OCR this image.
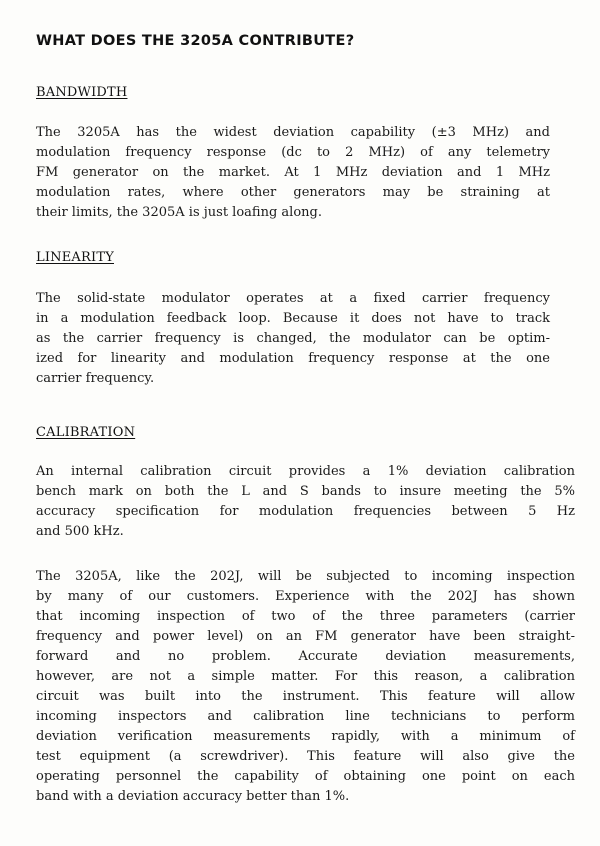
WHAT DOES THE 3205A CONTRIBUTE?
BANDWIDTH
The 3205A has the widest deviation capability (±3 MHz) and
modulation frequency response (dc to 2 MHz) of any telemetry
FM generator on the market. At 1 MHz deviation and 1 MHz
modulation rates, where other generators may be straining at
their limits, the 3205A is just loafing along.
LINEARITY
The solid-state modulator operates at a fixed carrier frequency
in a modulation feedback loop. Because it does not have to track
as the carrier frequency is changed, the modulator can be optim-
ized for linearity and modulation frequency response at the one
carrier frequency.
CALIBRATION
An internal calibration circuit provides a 1% deviation calibration
bench mark on both the L and S bands to insure meeting the 5%
accuracy specification for modulation frequencies between 5 Hz
and 500 kHz.
The 3205A, like the 202J, will be subjected to incoming inspection
by many of our customers. Experience with the 202J has shown
that incoming inspection of two of the three parameters (carrier
frequency and power level) on an FM generator have been straight-
forward and no problem. Accurate deviation measurements,
however, are not a simple matter. For this reason, a calibration
circuit was built into the instrument. This feature will allow
incoming inspectors and calibration line technicians to perform
deviation verification measurements rapidly, with a minimum of
test equipment (a screwdriver). This feature will also give the
operating personnel the capability of obtaining one point on each
band with a deviation accuracy better than 1%.
